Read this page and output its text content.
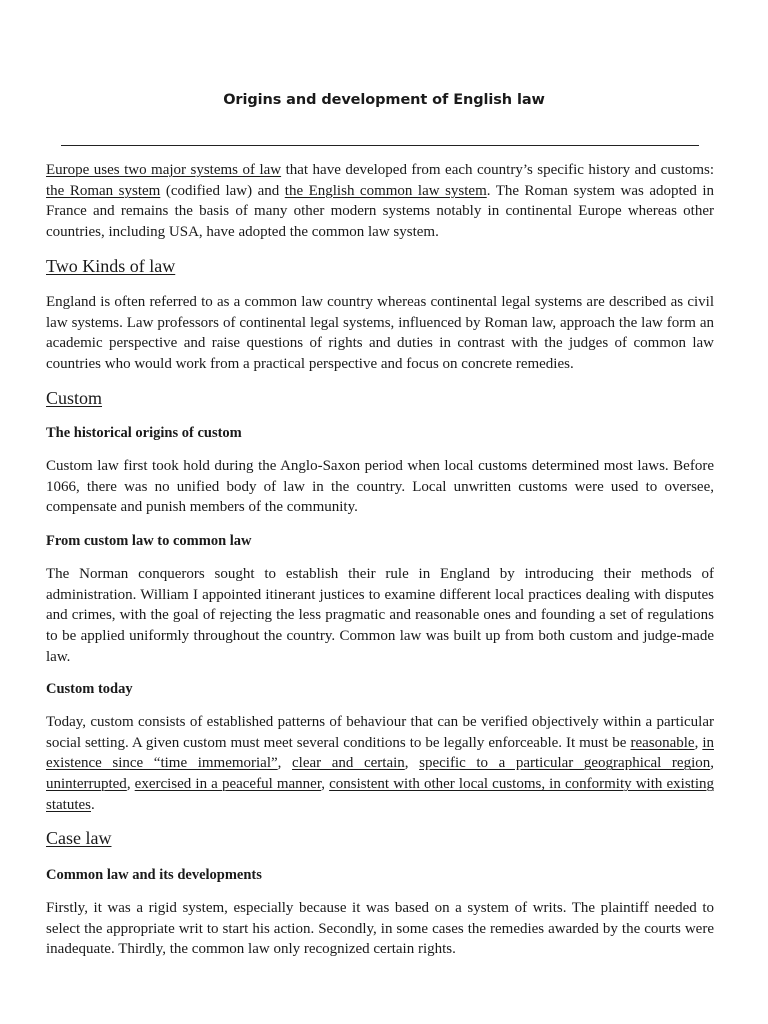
Origins and development of English law

Europe uses two major systems of law that have developed from each country’s specific history and customs: the Roman system (codified law) and the English common law system. The Roman system was adopted in France and remains the basis of many other modern systems notably in continental Europe whereas other countries, including USA, have adopted the common law system.

Two Kinds of law

England is often referred to as a common law country whereas continental legal systems are described as civil law systems. Law professors of continental legal systems, influenced by Roman law, approach the law form an academic perspective and raise questions of rights and duties in contrast with the judges of common law countries who would work from a practical perspective and focus on concrete remedies.

Custom
The historical origins of custom

Custom law first took hold during the Anglo-Saxon period when local customs determined most laws. Before 1066, there was no unified body of law in the country. Local unwritten customs were used to oversee, compensate and punish members of the community.

From custom law to common law

The Norman conquerors sought to establish their rule in England by introducing their methods of administration. William I appointed itinerant justices to examine different local practices dealing with disputes and crimes, with the goal of rejecting the less pragmatic and reasonable ones and founding a set of regulations to be applied uniformly throughout the country. Common law was built up from both custom and judge-made law.

Custom today

Today, custom consists of established patterns of behaviour that can be verified objectively within a particular social setting. A given custom must meet several conditions to be legally enforceable. It must be reasonable, in existence since “time immemorial”, clear and certain, specific to a particular geographical region, uninterrupted, exercised in a peaceful manner, consistent with other local customs, in conformity with existing statutes.

Case law
Common law and its developments

Firstly, it was a rigid system, especially because it was based on a system of writs. The plaintiff needed to select the appropriate writ to start his action. Secondly, in some cases the remedies awarded by the courts were inadequate. Thirdly, the common law only recognized certain rights.
